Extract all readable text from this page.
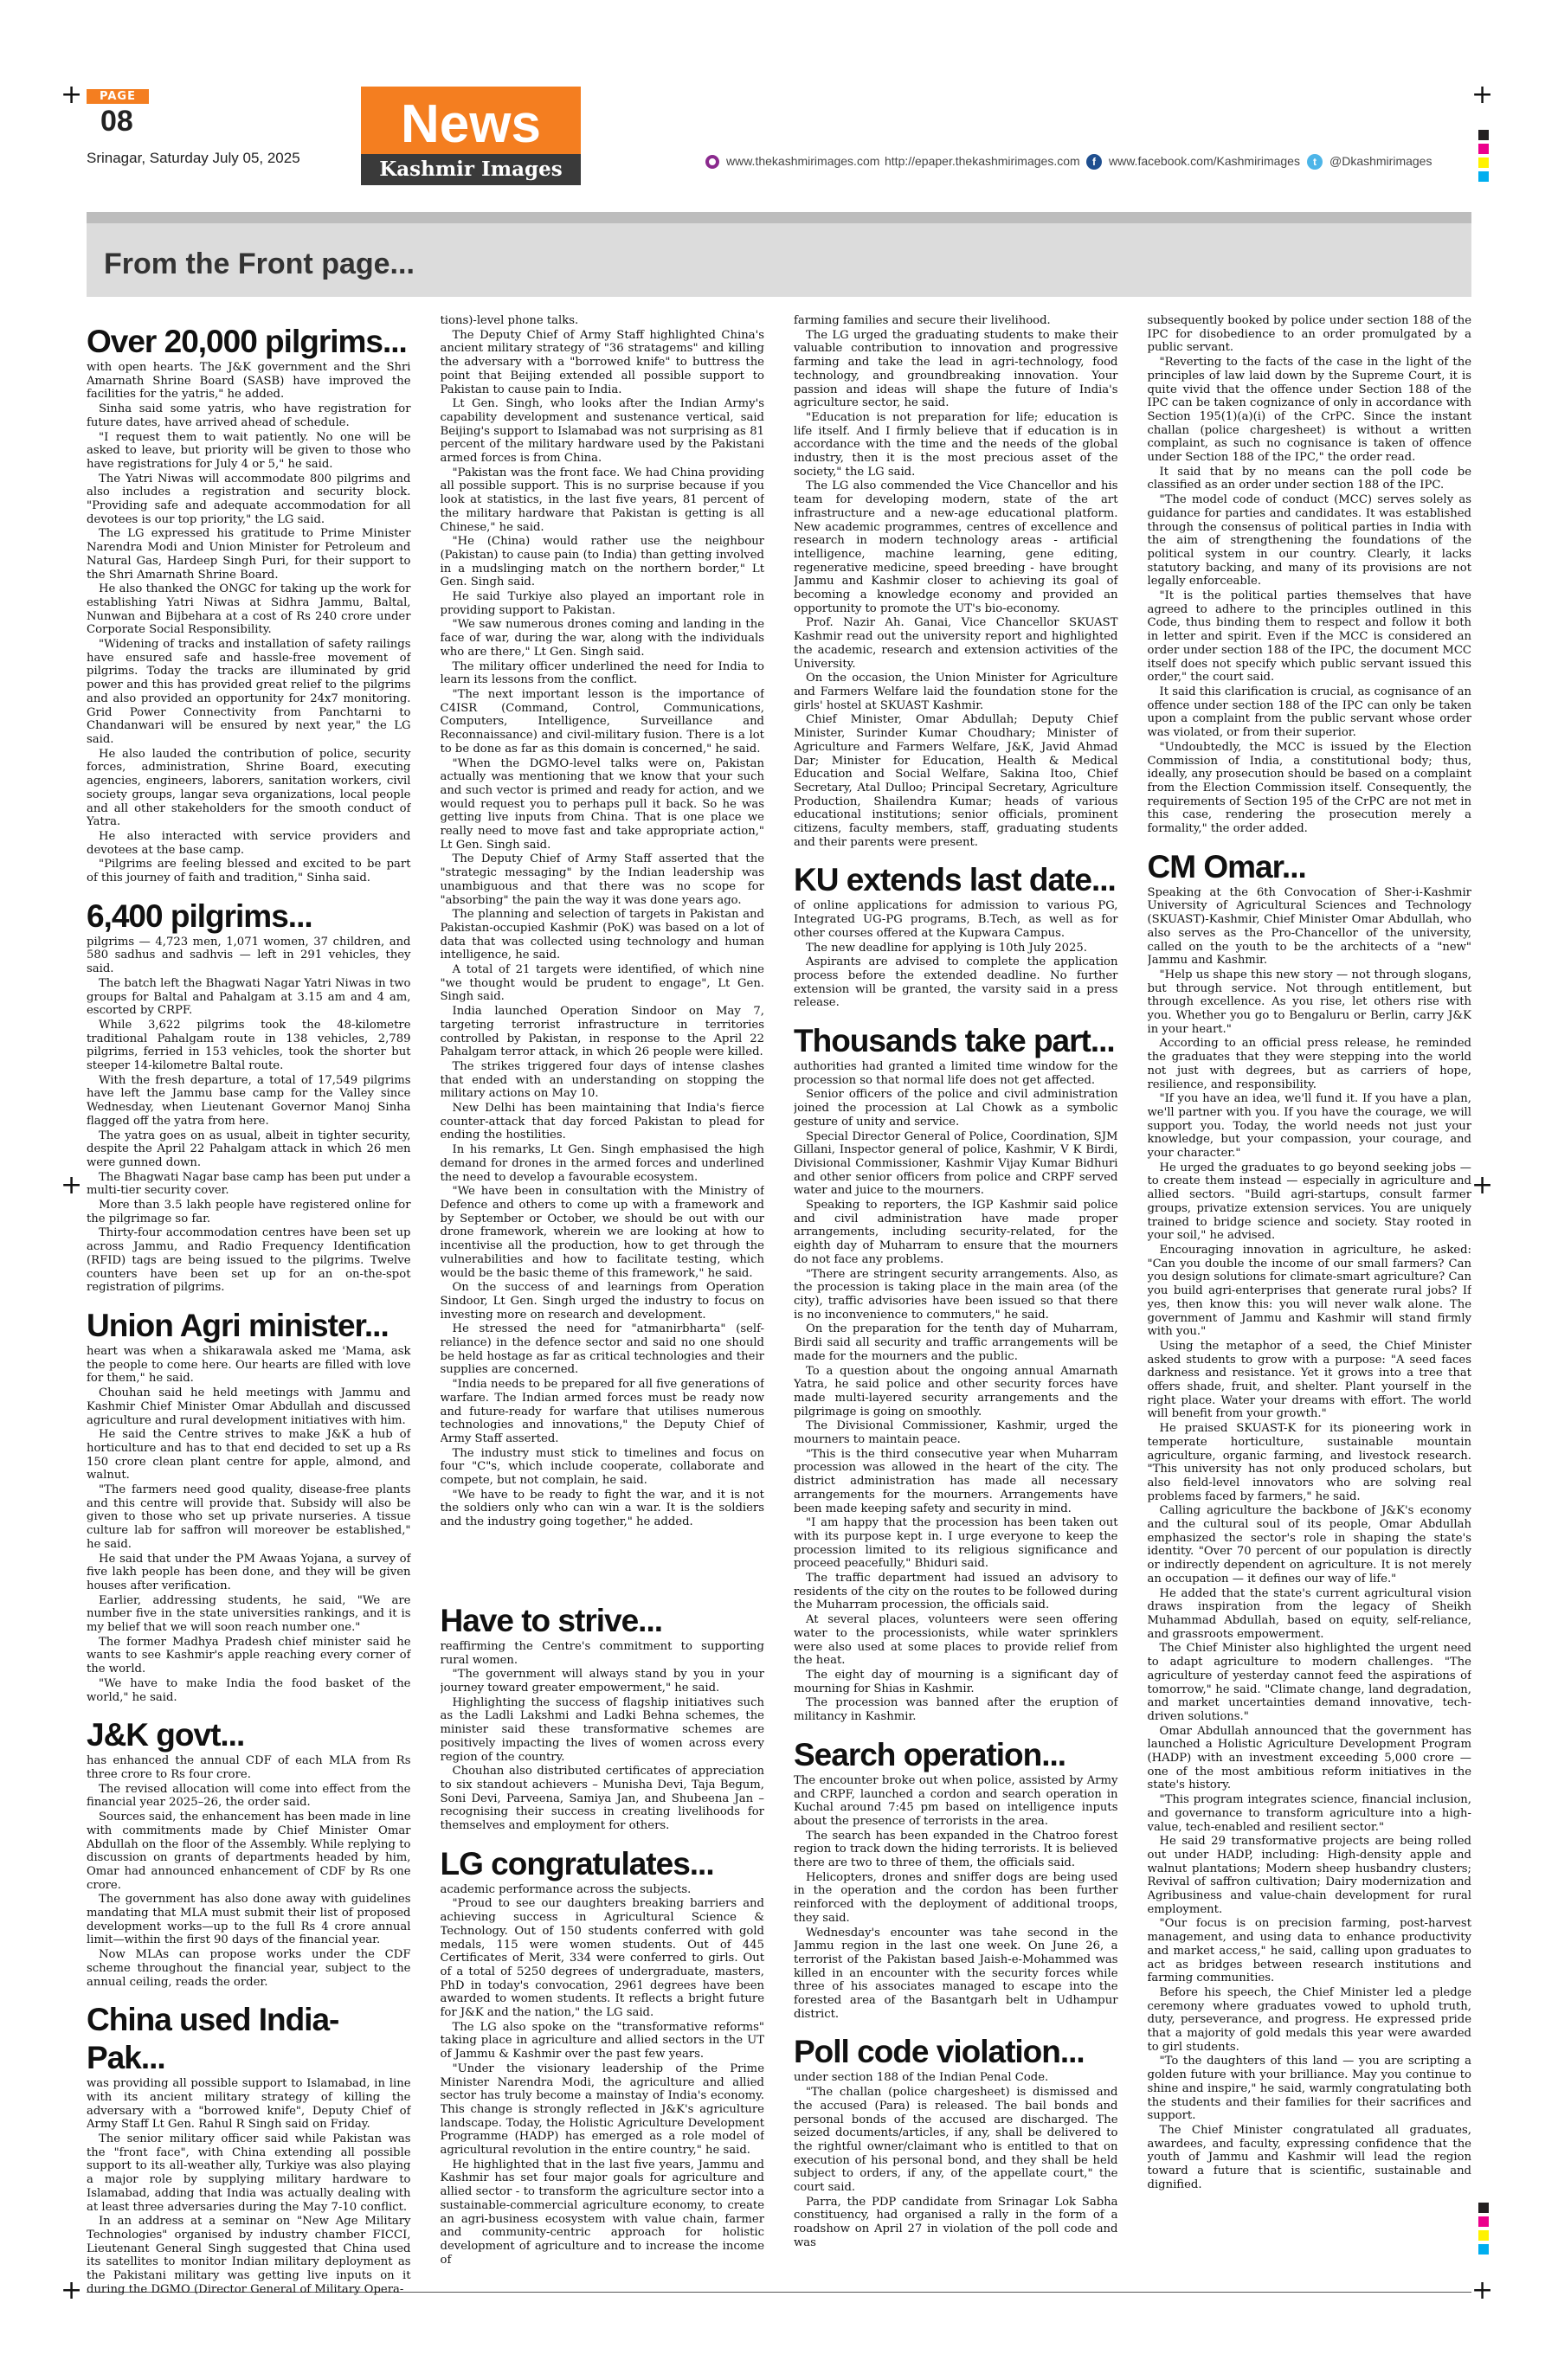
+	+
+	+
+	+
PAGE
08
Srinagar, Saturday July 05, 2025
News
Kashmir Images	www.thekashmirimages.com http://epaper.thekashmirimages.com	f www.facebook.com/Kashmirimages	t @Dkashmirimages
From the Front page...
Over 20,000 pilgrims...

with open hearts. The J&K government and the Shri Amarnath Shrine Board (SASB) have improved the facilities for the yatris," he added.

Sinha said some yatris, who have registration for future dates, have arrived ahead of schedule.

"I request them to wait patiently. No one will be asked to leave, but priority will be given to those who have registrations for July 4 or 5," he said.

The Yatri Niwas will accommodate 800 pilgrims and also includes a registration and security block. "Providing safe and adequate accommodation for all devotees is our top priority," the LG said.

The LG expressed his gratitude to Prime Minister Narendra Modi and Union Minister for Petroleum and Natural Gas, Hardeep Singh Puri, for their support to the Shri Amarnath Shrine Board.

He also thanked the ONGC for taking up the work for establishing Yatri Niwas at Sidhra Jammu, Baltal, Nunwan and Bijbehara at a cost of Rs 240 crore under Corporate Social Responsibility.

"Widening of tracks and installation of safety railings have ensured safe and hassle-free movement of pilgrims. Today the tracks are illuminated by grid power and this has provided great relief to the pilgrims and also provided an opportunity for 24x7 monitoring. Grid Power Connectivity from Panchtarni to Chandanwari will be ensured by next year," the LG said.

He also lauded the contribution of police, security forces, administration, Shrine Board, executing agencies, engineers, laborers, sanitation workers, civil society groups, langar seva organizations, local people and all other stakeholders for the smooth conduct of Yatra.

He also interacted with service providers and devotees at the base camp.

"Pilgrims are feeling blessed and excited to be part of this journey of faith and tradition," Sinha said.

6,400 pilgrims...

pilgrims — 4,723 men, 1,071 women, 37 children, and 580 sadhus and sadhvis — left in 291 vehicles, they said.

The batch left the Bhagwati Nagar Yatri Niwas in two groups for Baltal and Pahalgam at 3.15 am and 4 am, escorted by CRPF.

While 3,622 pilgrims took the 48-kilometre traditional Pahalgam route in 138 vehicles, 2,789 pilgrims, ferried in 153 vehicles, took the shorter but steeper 14-kilometre Baltal route.

With the fresh departure, a total of 17,549 pilgrims have left the Jammu base camp for the Valley since Wednesday, when Lieutenant Governor Manoj Sinha flagged off the yatra from here.

The yatra goes on as usual, albeit in tighter security, despite the April 22 Pahalgam attack in which 26 men were gunned down.

The Bhagwati Nagar base camp has been put under a multi-tier security cover.

More than 3.5 lakh people have registered online for the pilgrimage so far.

Thirty-four accommodation centres have been set up across Jammu, and Radio Frequency Identification (RFID) tags are being issued to the pilgrims. Twelve counters have been set up for an on-the-spot registration of pilgrims.

Union Agri minister...

heart was when a shikarawala asked me 'Mama, ask the people to come here. Our hearts are filled with love for them," he said.

Chouhan said he held meetings with Jammu and Kashmir Chief Minister Omar Abdullah and discussed agriculture and rural development initiatives with him.

He said the Centre strives to make J&K a hub of horticulture and has to that end decided to set up a Rs 150 crore clean plant centre for apple, almond, and walnut.

"The farmers need good quality, disease-free plants and this centre will provide that. Subsidy will also be given to those who set up private nurseries. A tissue culture lab for saffron will moreover be established," he said.

He said that under the PM Awaas Yojana, a survey of five lakh people has been done, and they will be given houses after verification.

Earlier, addressing students, he said, "We are number five in the state universities rankings, and it is my belief that we will soon reach number one."

The former Madhya Pradesh chief minister said he wants to see Kashmir's apple reaching every corner of the world.

"We have to make India the food basket of the world," he said.

J&K govt...

has enhanced the annual CDF of each MLA from Rs three crore to Rs four crore.

The revised allocation will come into effect from the financial year 2025–26, the order said.

Sources said, the enhancement has been made in line with commitments made by Chief Minister Omar Abdullah on the floor of the Assembly. While replying to discussion on grants of departments headed by him, Omar had announced enhancement of CDF by Rs one crore.

The government has also done away with guidelines mandating that MLA must submit their list of proposed development works—up to the full Rs 4 crore annual limit—within the first 90 days of the financial year.

Now MLAs can propose works under the CDF scheme throughout the financial year, subject to the annual ceiling, reads the order.

China used India-Pak...

was providing all possible support to Islamabad, in line with its ancient military strategy of killing the adversary with a "borrowed knife", Deputy Chief of Army Staff Lt Gen. Rahul R Singh said on Friday.

The senior military officer said while Pakistan was the "front face", with China extending all possible support to its all-weather ally, Turkiye was also playing a major role by supplying military hardware to Islamabad, adding that India was actually dealing with at least three adversaries during the May 7-10 conflict.

In an address at a seminar on "New Age Military Technologies" organised by industry chamber FICCI, Lieutenant General Singh suggested that China used its satellites to monitor Indian military deployment as the Pakistani military was getting live inputs on it during the DGMO (Director General of Military Opera-

tions)-level phone talks.

The Deputy Chief of Army Staff highlighted China's ancient military strategy of "36 stratagems" and killing the adversary with a "borrowed knife" to buttress the point that Beijing extended all possible support to Pakistan to cause pain to India.

Lt Gen. Singh, who looks after the Indian Army's capability development and sustenance vertical, said Beijing's support to Islamabad was not surprising as 81 percent of the military hardware used by the Pakistani armed forces is from China.

"Pakistan was the front face. We had China providing all possible support. This is no surprise because if you look at statistics, in the last five years, 81 percent of the military hardware that Pakistan is getting is all Chinese," he said.

"He (China) would rather use the neighbour (Pakistan) to cause pain (to India) than getting involved in a mudslinging match on the northern border," Lt Gen. Singh said.

He said Turkiye also played an important role in providing support to Pakistan.

"We saw numerous drones coming and landing in the face of war, during the war, along with the individuals who are there," Lt Gen. Singh said.

The military officer underlined the need for India to learn its lessons from the conflict.

"The next important lesson is the importance of C4ISR (Command, Control, Communications, Computers, Intelligence, Surveillance and Reconnaissance) and civil-military fusion. There is a lot to be done as far as this domain is concerned," he said.

"When the DGMO-level talks were on, Pakistan actually was mentioning that we know that your such and such vector is primed and ready for action, and we would request you to perhaps pull it back. So he was getting live inputs from China. That is one place we really need to move fast and take appropriate action," Lt Gen. Singh said.

The Deputy Chief of Army Staff asserted that the "strategic messaging" by the Indian leadership was unambiguous and that there was no scope for "absorbing" the pain the way it was done years ago.

The planning and selection of targets in Pakistan and Pakistan-occupied Kashmir (PoK) was based on a lot of data that was collected using technology and human intelligence, he said.

A total of 21 targets were identified, of which nine "we thought would be prudent to engage", Lt Gen. Singh said.

India launched Operation Sindoor on May 7, targeting terrorist infrastructure in territories controlled by Pakistan, in response to the April 22 Pahalgam terror attack, in which 26 people were killed.

The strikes triggered four days of intense clashes that ended with an understanding on stopping the military actions on May 10.

New Delhi has been maintaining that India's fierce counter-attack that day forced Pakistan to plead for ending the hostilities.

In his remarks, Lt Gen. Singh emphasised the high demand for drones in the armed forces and underlined the need to develop a favourable ecosystem.

"We have been in consultation with the Ministry of Defence and others to come up with a framework and by September or October, we should be out with our drone framework, wherein we are looking at how to incentivise all the production, how to get through the vulnerabilities and how to facilitate testing, which would be the basic theme of this framework," he said.

On the success of and learnings from Operation Sindoor, Lt Gen. Singh urged the industry to focus on investing more on research and development.

He stressed the need for "atmanirbharta" (self-reliance) in the defence sector and said no one should be held hostage as far as critical technologies and their supplies are concerned.

"India needs to be prepared for all five generations of warfare. The Indian armed forces must be ready now and future-ready for warfare that utilises numerous technologies and innovations," the Deputy Chief of Army Staff asserted.

The industry must stick to timelines and focus on four "C"s, which include cooperate, collaborate and compete, but not complain, he said.

"We have to be ready to fight the war, and it is not the soldiers only who can win a war. It is the soldiers and the industry going together," he added.

Have to strive...

reaffirming the Centre's commitment to supporting rural women.

"The government will always stand by you in your journey toward greater empowerment," he said.

Highlighting the success of flagship initiatives such as the Ladli Lakshmi and Ladki Behna schemes, the minister said these transformative schemes are positively impacting the lives of women across every region of the country.

Chouhan also distributed certificates of appreciation to six standout achievers – Munisha Devi, Taja Begum, Soni Devi, Parveena, Samiya Jan, and Shubeena Jan – recognising their success in creating livelihoods for themselves and employment for others.

LG congratulates...

academic performance across the subjects.

"Proud to see our daughters breaking barriers and achieving success in Agricultural Science & Technology. Out of 150 students conferred with gold medals, 115 were women students. Out of 445 Certificates of Merit, 334 were conferred to girls. Out of a total of 5250 degrees of undergraduate, masters, PhD in today's convocation, 2961 degrees have been awarded to women students. It reflects a bright future for J&K and the nation," the LG said.

The LG also spoke on the "transformative reforms" taking place in agriculture and allied sectors in the UT of Jammu & Kashmir over the past few years.

"Under the visionary leadership of the Prime Minister Narendra Modi, the agriculture and allied sector has truly become a mainstay of India's economy. This change is strongly reflected in J&K's agriculture landscape. Today, the Holistic Agriculture Development Programme (HADP) has emerged as a role model of agricultural revolution in the entire country," he said.

He highlighted that in the last five years, Jammu and Kashmir has set four major goals for agriculture and allied sector - to transform the agriculture sector into a sustainable-commercial agriculture economy, to create an agri-business ecosystem with value chain, farmer and community-centric approach for holistic development of agriculture and to increase the income of

farming families and secure their livelihood.

The LG urged the graduating students to make their valuable contribution to innovation and progressive farming and take the lead in agri-technology, food technology, and groundbreaking innovation. Your passion and ideas will shape the future of India's agriculture sector, he said.

"Education is not preparation for life; education is life itself. And I firmly believe that if education is in accordance with the time and the needs of the global industry, then it is the most precious asset of the society," the LG said.

The LG also commended the Vice Chancellor and his team for developing modern, state of the art infrastructure and a new-age educational platform. New academic programmes, centres of excellence and research in modern technology areas - artificial intelligence, machine learning, gene editing, regenerative medicine, speed breeding - have brought Jammu and Kashmir closer to achieving its goal of becoming a knowledge economy and provided an opportunity to promote the UT's bio-economy.

Prof. Nazir Ah. Ganai, Vice Chancellor SKUAST Kashmir read out the university report and highlighted the academic, research and extension activities of the University.

On the occasion, the Union Minister for Agriculture and Farmers Welfare laid the foundation stone for the girls' hostel at SKUAST Kashmir.

Chief Minister, Omar Abdullah; Deputy Chief Minister, Surinder Kumar Choudhary; Minister of Agriculture and Farmers Welfare, J&K, Javid Ahmad Dar; Minister for Education, Health & Medical Education and Social Welfare, Sakina Itoo, Chief Secretary, Atal Dulloo; Principal Secretary, Agriculture Production, Shailendra Kumar; heads of various educational institutions; senior officials, prominent citizens, faculty members, staff, graduating students and their parents were present.

KU extends last date...

of online applications for admission to various PG, Integrated UG-PG programs, B.Tech, as well as for other courses offered at the Kupwara Campus.

The new deadline for applying is 10th July 2025.

Aspirants are advised to complete the application process before the extended deadline. No further extension will be granted, the varsity said in a press release.

Thousands take part...

authorities had granted a limited time window for the procession so that normal life does not get affected.

Senior officers of the police and civil administration joined the procession at Lal Chowk as a symbolic gesture of unity and service.

Special Director General of Police, Coordination, SJM Gillani, Inspector general of police, Kashmir, V K Birdi, Divisional Commissioner, Kashmir Vijay Kumar Bidhuri and other senior officers from police and CRPF served water and juice to the mourners.

Speaking to reporters, the IGP Kashmir said police and civil administration have made proper arrangements, including security-related, for the eighth day of Muharram to ensure that the mourners do not face any problems.

"There are stringent security arrangements. Also, as the procession is taking place in the main area (of the city), traffic advisories have been issued so that there is no inconvenience to commuters," he said.

On the preparation for the tenth day of Muharram, Birdi said all security and traffic arrangements will be made for the mourners and the public.

To a question about the ongoing annual Amarnath Yatra, he said police and other security forces have made multi-layered security arrangements and the pilgrimage is going on smoothly.

The Divisional Commissioner, Kashmir, urged the mourners to maintain peace.

"This is the third consecutive year when Muharram procession was allowed in the heart of the city. The district administration has made all necessary arrangements for the mourners. Arrangements have been made keeping safety and security in mind.

"I am happy that the procession has been taken out with its purpose kept in. I urge everyone to keep the procession limited to its religious significance and proceed peacefully," Bhiduri said.

The traffic department had issued an advisory to residents of the city on the routes to be followed during the Muharram procession, the officials said.

At several places, volunteers were seen offering water to the processionists, while water sprinklers were also used at some places to provide relief from the heat.

The eight day of mourning is a significant day of mourning for Shias in Kashmir.

The procession was banned after the eruption of militancy in Kashmir.

Search operation...

The encounter broke out when police, assisted by Army and CRPF, launched a cordon and search operation in Kuchal around 7:45 pm based on intelligence inputs about the presence of terrorists in the area.

The search has been expanded in the Chatroo forest region to track down the hiding terrorists. It is believed there are two to three of them, the officials said.

Helicopters, drones and sniffer dogs are being used in the operation and the cordon has been further reinforced with the deployment of additional troops, they said.

Wednesday's encounter was tahe second in the Jammu region in the last one week. On June 26, a terrorist of the Pakistan based Jaish-e-Mohammed was killed in an encounter with the security forces while three of his associates managed to escape into the forested area of the Basantgarh belt in Udhampur district.

Poll code violation...

under section 188 of the Indian Penal Code.

"The challan (police chargesheet) is dismissed and the accused (Para) is released. The bail bonds and personal bonds of the accused are discharged. The seized documents/articles, if any, shall be delivered to the rightful owner/claimant who is entitled to that on execution of his personal bond, and they shall be held subject to orders, if any, of the appellate court," the court said.

Parra, the PDP candidate from Srinagar Lok Sabha constituency, had organised a rally in the form of a roadshow on April 27 in violation of the poll code and was

subsequently booked by police under section 188 of the IPC for disobedience to an order promulgated by a public servant.

"Reverting to the facts of the case in the light of the principles of law laid down by the Supreme Court, it is quite vivid that the offence under Section 188 of the IPC can be taken cognizance of only in accordance with Section 195(1)(a)(i) of the CrPC. Since the instant challan (police chargesheet) is without a written complaint, as such no cognisance is taken of offence under Section 188 of the IPC," the order read.

It said that by no means can the poll code be classified as an order under section 188 of the IPC.

"The model code of conduct (MCC) serves solely as guidance for parties and candidates. It was established through the consensus of political parties in India with the aim of strengthening the foundations of the political system in our country. Clearly, it lacks statutory backing, and many of its provisions are not legally enforceable.

"It is the political parties themselves that have agreed to adhere to the principles outlined in this Code, thus binding them to respect and follow it both in letter and spirit. Even if the MCC is considered an order under section 188 of the IPC, the document MCC itself does not specify which public servant issued this order," the court said.

It said this clarification is crucial, as cognisance of an offence under section 188 of the IPC can only be taken upon a complaint from the public servant whose order was violated, or from their superior.

"Undoubtedly, the MCC is issued by the Election Commission of India, a constitutional body; thus, ideally, any prosecution should be based on a complaint from the Election Commission itself. Consequently, the requirements of Section 195 of the CrPC are not met in this case, rendering the prosecution merely a formality," the order added.

CM Omar...

Speaking at the 6th Convocation of Sher-i-Kashmir University of Agricultural Sciences and Technology (SKUAST)-Kashmir, Chief Minister Omar Abdullah, who also serves as the Pro-Chancellor of the university, called on the youth to be the architects of a "new" Jammu and Kashmir.

"Help us shape this new story — not through slogans, but through service. Not through entitlement, but through excellence. As you rise, let others rise with you. Whether you go to Bengaluru or Berlin, carry J&K in your heart."

According to an official press release, he reminded the graduates that they were stepping into the world not just with degrees, but as carriers of hope, resilience, and responsibility.

"If you have an idea, we'll fund it. If you have a plan, we'll partner with you. If you have the courage, we will support you. Today, the world needs not just your knowledge, but your compassion, your courage, and your character."

He urged the graduates to go beyond seeking jobs — to create them instead — especially in agriculture and allied sectors. "Build agri-startups, consult farmer groups, privatize extension services. You are uniquely trained to bridge science and society. Stay rooted in your soil," he advised.

Encouraging innovation in agriculture, he asked: "Can you double the income of our small farmers? Can you design solutions for climate-smart agriculture? Can you build agri-enterprises that generate rural jobs? If yes, then know this: you will never walk alone. The government of Jammu and Kashmir will stand firmly with you."

Using the metaphor of a seed, the Chief Minister asked students to grow with a purpose: "A seed faces darkness and resistance. Yet it grows into a tree that offers shade, fruit, and shelter. Plant yourself in the right place. Water your dreams with effort. The world will benefit from your growth."

He praised SKUAST-K for its pioneering work in temperate horticulture, sustainable mountain agriculture, organic farming, and livestock research. "This university has not only produced scholars, but also field-level innovators who are solving real problems faced by farmers," he said.

Calling agriculture the backbone of J&K's economy and the cultural soul of its people, Omar Abdullah emphasized the sector's role in shaping the state's identity. "Over 70 percent of our population is directly or indirectly dependent on agriculture. It is not merely an occupation — it defines our way of life."

He added that the state's current agricultural vision draws inspiration from the legacy of Sheikh Muhammad Abdullah, based on equity, self-reliance, and grassroots empowerment.

The Chief Minister also highlighted the urgent need to adapt agriculture to modern challenges. "The agriculture of yesterday cannot feed the aspirations of tomorrow," he said. "Climate change, land degradation, and market uncertainties demand innovative, tech-driven solutions."

Omar Abdullah announced that the government has launched a Holistic Agriculture Development Program (HADP) with an investment exceeding 5,000 crore — one of the most ambitious reform initiatives in the state's history.

"This program integrates science, financial inclusion, and governance to transform agriculture into a high-value, tech-enabled and resilient sector."

He said 29 transformative projects are being rolled out under HADP, including: High-density apple and walnut plantations; Modern sheep husbandry clusters; Revival of saffron cultivation; Dairy modernization and Agribusiness and value-chain development for rural employment.

"Our focus is on precision farming, post-harvest management, and using data to enhance productivity and market access," he said, calling upon graduates to act as bridges between research institutions and farming communities.

Before his speech, the Chief Minister led a pledge ceremony where graduates vowed to uphold truth, duty, perseverance, and progress. He expressed pride that a majority of gold medals this year were awarded to girl students.

"To the daughters of this land — you are scripting a golden future with your brilliance. May you continue to shine and inspire," he said, warmly congratulating both the students and their families for their sacrifices and support.

The Chief Minister congratulated all graduates, awardees, and faculty, expressing confidence that the youth of Jammu and Kashmir will lead the region toward a future that is scientific, sustainable and dignified.
